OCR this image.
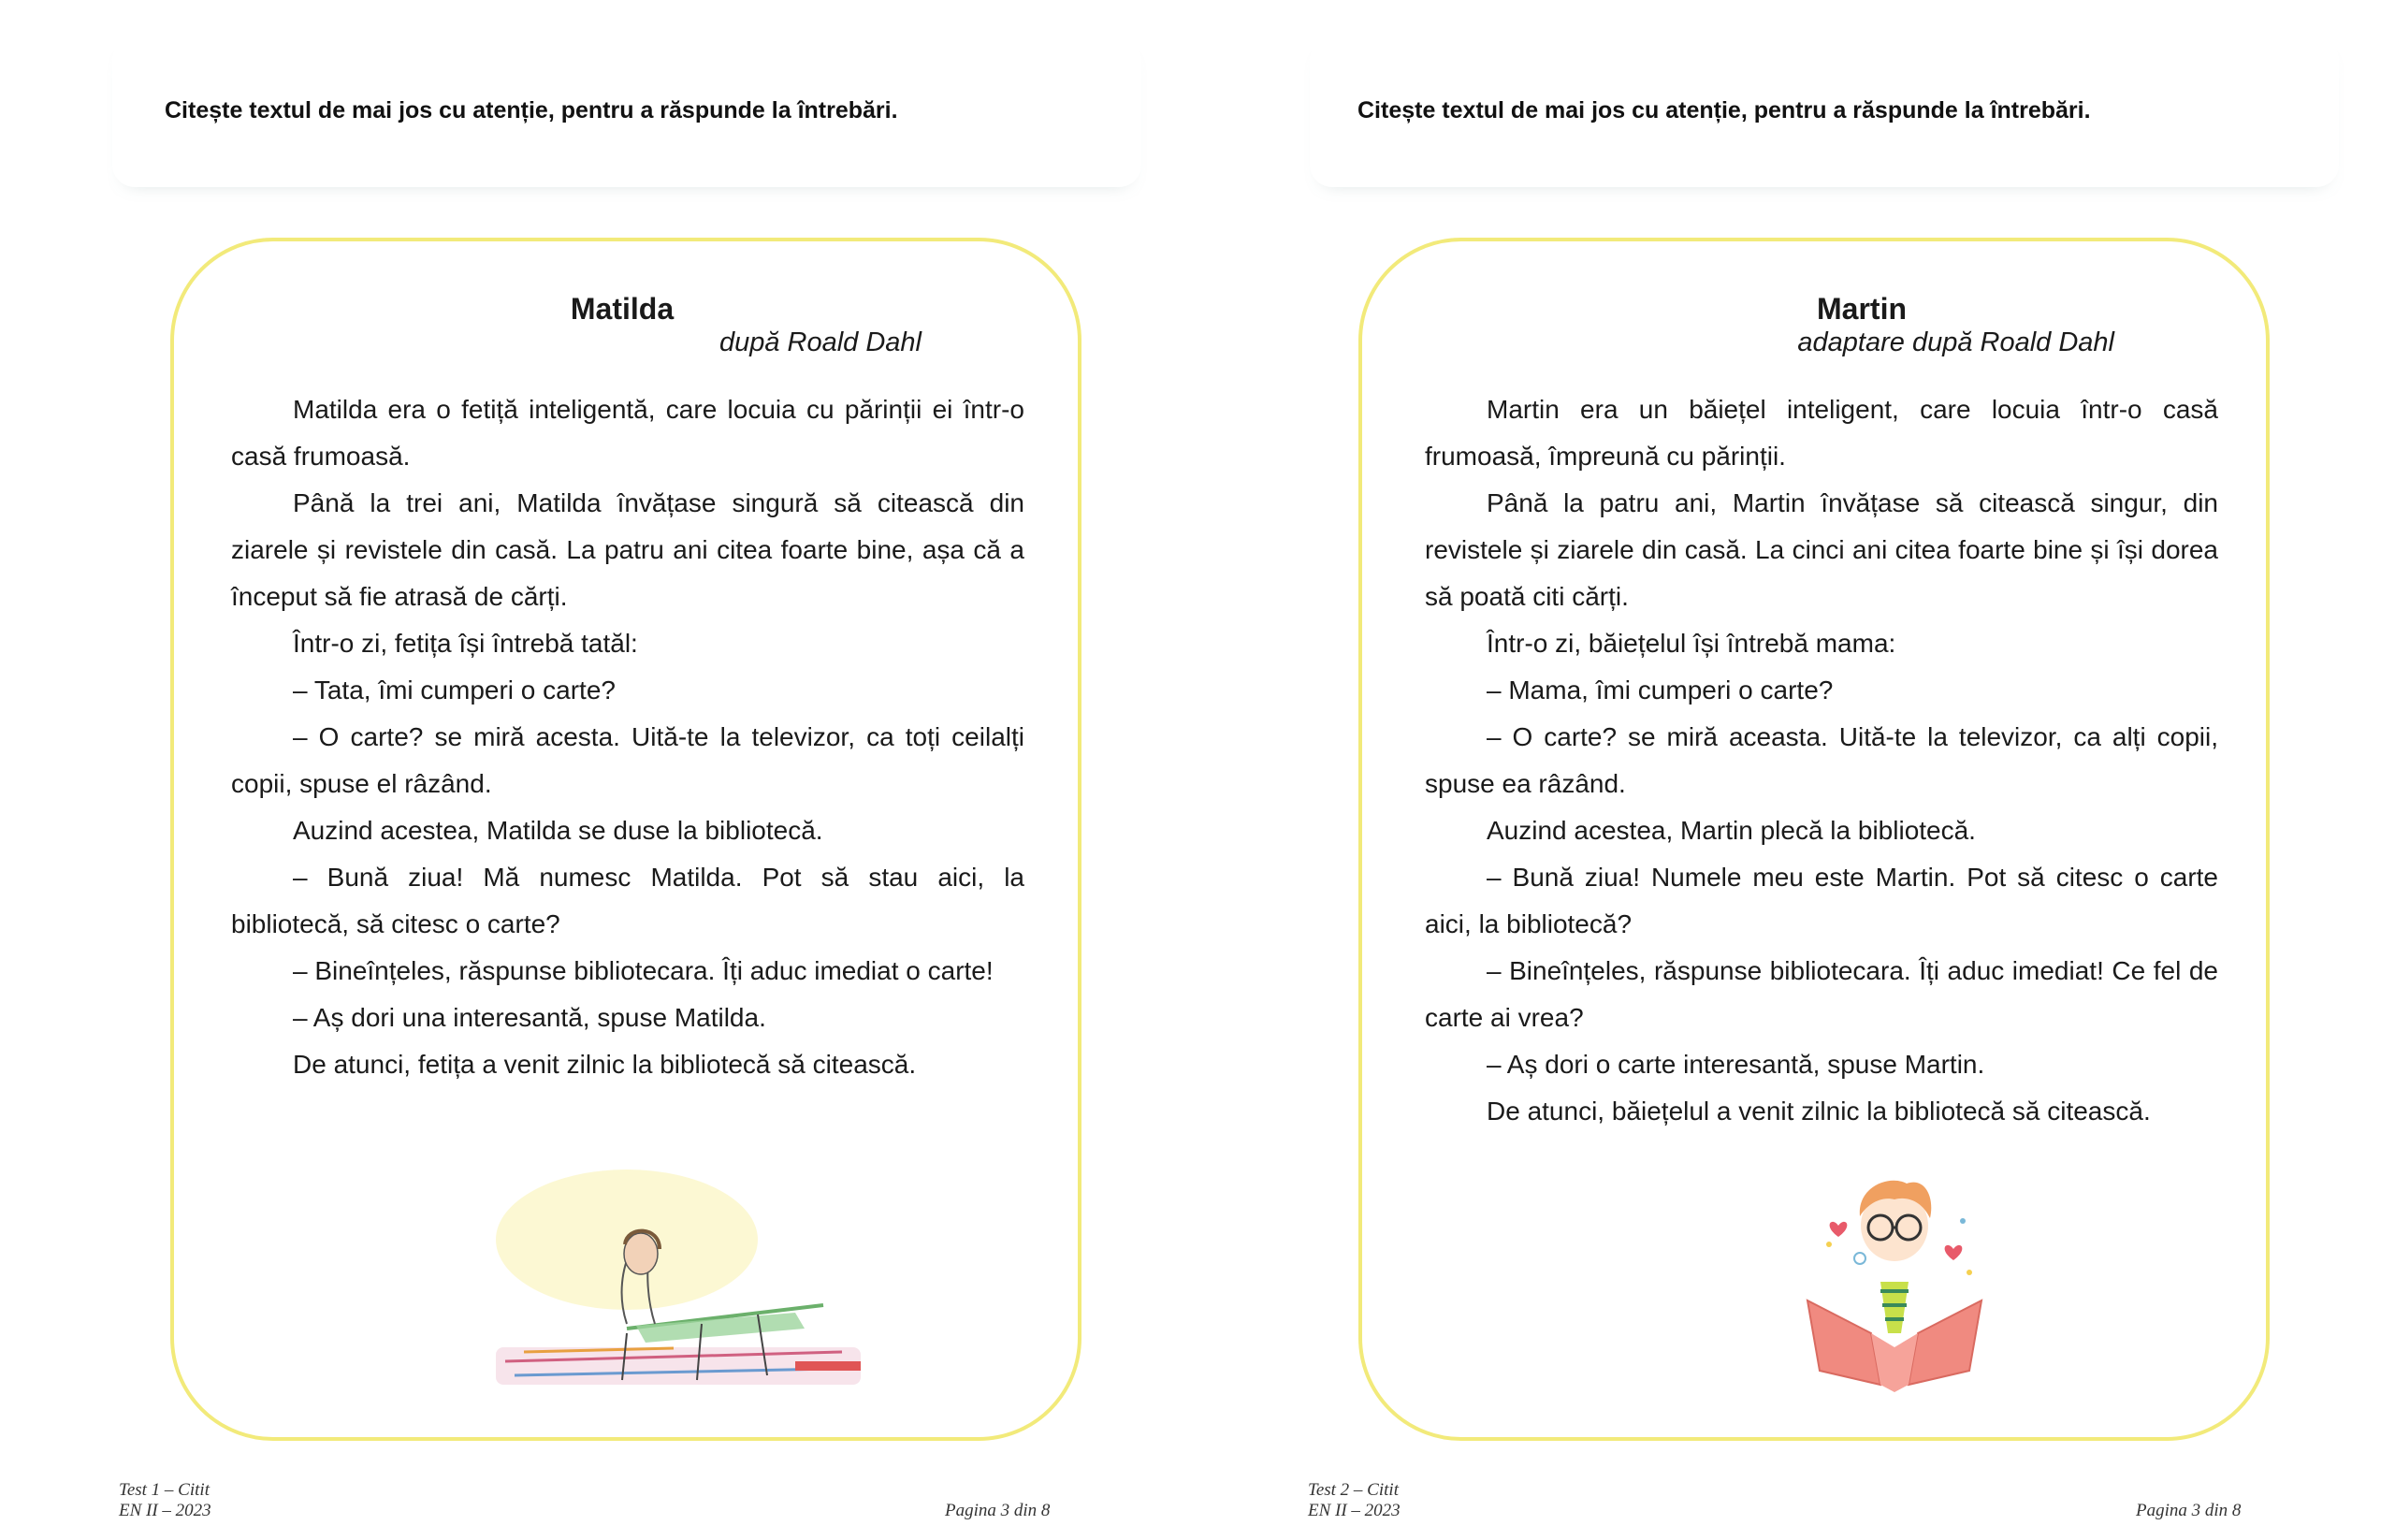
Citește textul de mai jos cu atenție, pentru a răspunde la întrebări.
Matilda
după Roald Dahl

Matilda era o fetiță inteligentă, care locuia cu părinții ei într-o casă frumoasă.

Până la trei ani, Matilda învățase singură să citească din ziarele și revistele din casă. La patru ani citea foarte bine, așa că a început să fie atrasă de cărți.

Într-o zi, fetița își întrebă tatăl:

– Tata, îmi cumperi o carte?

– O carte? se miră acesta. Uită-te la televizor, ca toți ceilalți copii, spuse el râzând.

Auzind acestea, Matilda se duse la bibliotecă.

– Bună ziua! Mă numesc Matilda. Pot să stau aici, la bibliotecă, să citesc o carte?

– Bineînțeles, răspunse bibliotecara. Îți aduc imediat o carte!

– Aș dori una interesantă, spuse Matilda.

De atunci, fetița a venit zilnic la bibliotecă să citească.

Test 1 – Citit
EN II – 2023	Pagina 3 din 8
Citește textul de mai jos cu atenție, pentru a răspunde la întrebări.
Martin
adaptare după Roald Dahl

Martin era un băiețel inteligent, care locuia într-o casă frumoasă, împreună cu părinții.

Până la patru ani, Martin învățase să citească singur, din revistele și ziarele din casă. La cinci ani citea foarte bine și își dorea să poată citi cărți.

Într-o zi, băiețelul își întrebă mama:

– Mama, îmi cumperi o carte?

– O carte? se miră aceasta. Uită-te la televizor, ca alți copii, spuse ea râzând.

Auzind acestea, Martin plecă la bibliotecă.

– Bună ziua! Numele meu este Martin. Pot să citesc o carte aici, la bibliotecă?

– Bineînțeles, răspunse bibliotecara. Îți aduc imediat! Ce fel de carte ai vrea?

– Aș dori o carte interesantă, spuse Martin.

De atunci, băiețelul a venit zilnic la bibliotecă să citească.

Test 2 – Citit
EN II – 2023	Pagina 3 din 8
